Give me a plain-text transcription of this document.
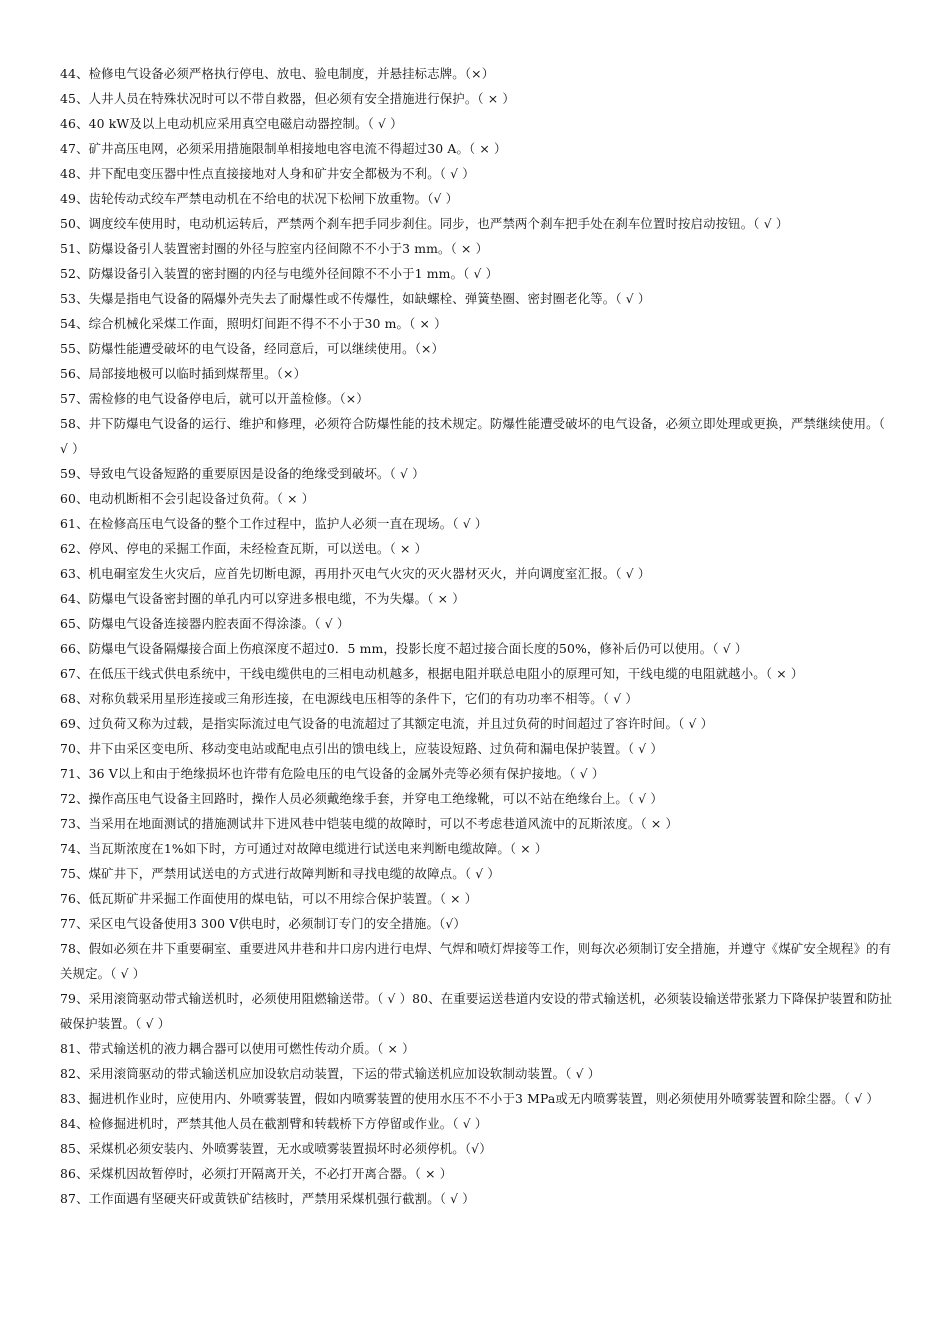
44、检修电气设备必须严格执行停电、放电、验电制度，并悬挂标志牌。（×）

45、人井人员在特殊状况时可以不带自救器，但必须有安全措施进行保护。（ × ）

46、40 kW及以上电动机应采用真空电磁启动器控制。（ √ ）

47、矿井高压电网，必须采用措施限制单相接地电容电流不得超过30 A。（ × ）

48、井下配电变压器中性点直接接地对人身和矿井安全都极为不利。（ √ ）

49、齿轮传动式绞车严禁电动机在不给电的状况下松闸下放重物。（√ ）

50、调度绞车使用时，电动机运转后，严禁两个刹车把手同步刹住。同步，也严禁两个刹车把手处在刹车位置时按启动按钮。（ √ ）

51、防爆设备引人装置密封圈的外径与腔室内径间隙不不小于3 mm。（ × ）

52、防爆设备引入装置的密封圈的内径与电缆外径间隙不不小于1 mm。（ √ ）

53、失爆是指电气设备的隔爆外壳失去了耐爆性或不传爆性，如缺螺栓、弹簧垫圈、密封圈老化等。（ √ ）

54、综合机械化采煤工作面，照明灯间距不得不不小于30 m。（ × ）

55、防爆性能遭受破坏的电气设备，经同意后，可以继续使用。（×）

56、局部接地极可以临时插到煤帮里。（×）

57、需检修的电气设备停电后，就可以开盖检修。（×）

58、井下防爆电气设备的运行、维护和修理，必须符合防爆性能的技术规定。防爆性能遭受破坏的电气设备，必须立即处理或更换，严禁继续使用。（ √ ）

59、导致电气设备短路的重要原因是设备的绝缘受到破坏。（ √ ）

60、电动机断相不会引起设备过负荷。（ × ）

61、在检修高压电气设备的整个工作过程中，监护人必须一直在现场。（ √ ）

62、停风、停电的采掘工作面，未经检查瓦斯，可以送电。（ × ）

63、机电硐室发生火灾后，应首先切断电源，再用扑灭电气火灾的灭火器材灭火，并向调度室汇报。（ √ ）

64、防爆电气设备密封圈的单孔内可以穿进多根电缆，不为失爆。（ × ）

65、防爆电气设备连接器内腔表面不得涂漆。（ √ ）

66、防爆电气设备隔爆接合面上伤痕深度不超过0．5 mm，投影长度不超过接合面长度的50%，修补后仍可以使用。（ √ ）

67、在低压干线式供电系统中，干线电缆供电的三相电动机越多，根据电阻并联总电阻小的原理可知，干线电缆的电阻就越小。（ × ）

68、对称负载采用星形连接或三角形连接，在电源线电压相等的条件下，它们的有功功率不相等。（ √ ）

69、过负荷又称为过载，是指实际流过电气设备的电流超过了其额定电流，并且过负荷的时间超过了容许时间。（ √ ）

70、井下由采区变电所、移动变电站或配电点引出的馈电线上，应装设短路、过负荷和漏电保护装置。（ √ ）

71、36 V以上和由于绝缘损坏也许带有危险电压的电气设备的金属外壳等必须有保护接地。（ √ ）

72、操作高压电气设备主回路时，操作人员必须戴绝缘手套，并穿电工绝缘靴，可以不站在绝缘台上。（ √ ）

73、当采用在地面测试的措施测试井下进风巷中铠装电缆的故障时，可以不考虑巷道风流中的瓦斯浓度。（ × ）

74、当瓦斯浓度在1%如下时，方可通过对故障电缆进行试送电来判断电缆故障。（ × ）

75、煤矿井下，严禁用试送电的方式进行故障判断和寻找电缆的故障点。（ √ ）

76、低瓦斯矿井采掘工作面使用的煤电钻，可以不用综合保护装置。（ × ）

77、采区电气设备使用3 300 V供电时，必须制订专门的安全措施。（√）

78、假如必须在井下重要硐室、重要进风井巷和井口房内进行电焊、气焊和喷灯焊接等工作，则每次必须制订安全措施，并遵守《煤矿安全规程》的有关规定。（ √ ）

79、采用滚筒驱动带式输送机时，必须使用阻燃输送带。（ √ ）80、在重要运送巷道内安设的带式输送机，必须装设输送带张紧力下降保护装置和防扯破保护装置。（ √ ）

81、带式输送机的液力耦合器可以使用可燃性传动介质。（ × ）

82、采用滚筒驱动的带式输送机应加设软启动装置，下运的带式输送机应加设软制动装置。（ √ ）

83、掘进机作业时，应使用内、外喷雾装置，假如内喷雾装置的使用水压不不小于3 MPa或无内喷雾装置，则必须使用外喷雾装置和除尘器。（ √ ）

84、检修掘进机时，严禁其他人员在截割臂和转载桥下方停留或作业。（ √ ）

85、采煤机必须安装内、外喷雾装置，无水或喷雾装置损坏时必须停机。（√）

86、采煤机因故暂停时，必须打开隔离开关，不必打开离合器。（ × ）

87、工作面遇有坚硬夹矸或黄铁矿结核时，严禁用采煤机强行截割。（ √ ）
